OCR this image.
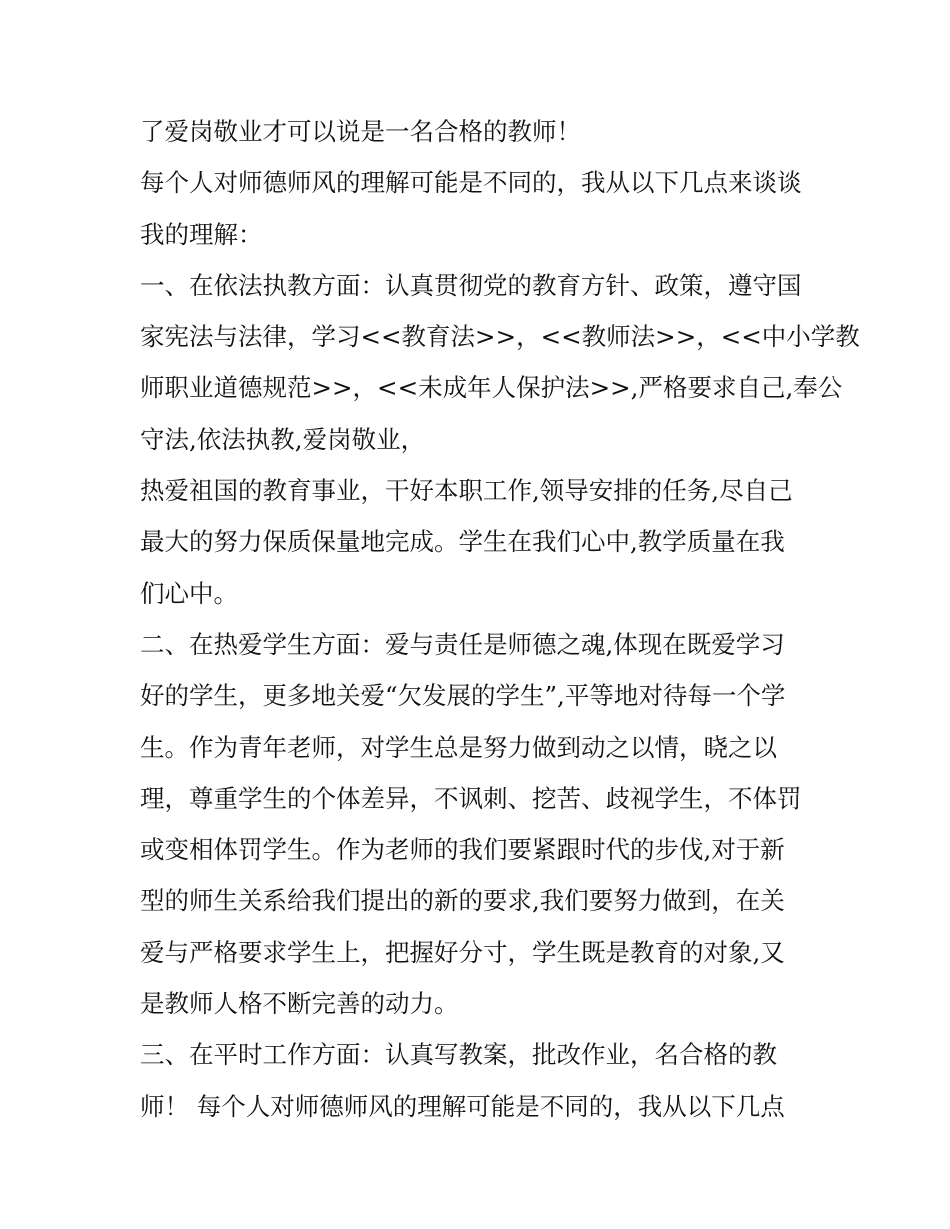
了爱岗敬业才可以说是一名合格的教师！
每个人对师德师风的理解可能是不同的，我从以下几点来谈谈
我的理解：
一、在依法执教方面：认真贯彻党的教育方针、政策，遵守国
家宪法与法律，学习<<教育法>>，<<教师法>>，<<中小学教
师职业道德规范>>，<<未成年人保护法>>,严格要求自己,奉公
守法,依法执教,爱岗敬业，
热爱祖国的教育事业，干好本职工作,领导安排的任务,尽自己
最大的努力保质保量地完成。学生在我们心中,教学质量在我
们心中。
二、在热爱学生方面：爱与责任是师德之魂,体现在既爱学习
好的学生，更多地关爱“欠发展的学生”,平等地对待每一个学
生。作为青年老师，对学生总是努力做到动之以情，晓之以
理，尊重学生的个体差异，不讽刺、挖苦、歧视学生，不体罚
或变相体罚学生。作为老师的我们要紧跟时代的步伐,对于新
型的师生关系给我们提出的新的要求,我们要努力做到，在关
爱与严格要求学生上，把握好分寸，学生既是教育的对象,又
是教师人格不断完善的动力。
三、在平时工作方面：认真写教案，批改作业，名合格的教
师！ 每个人对师德师风的理解可能是不同的，我从以下几点
